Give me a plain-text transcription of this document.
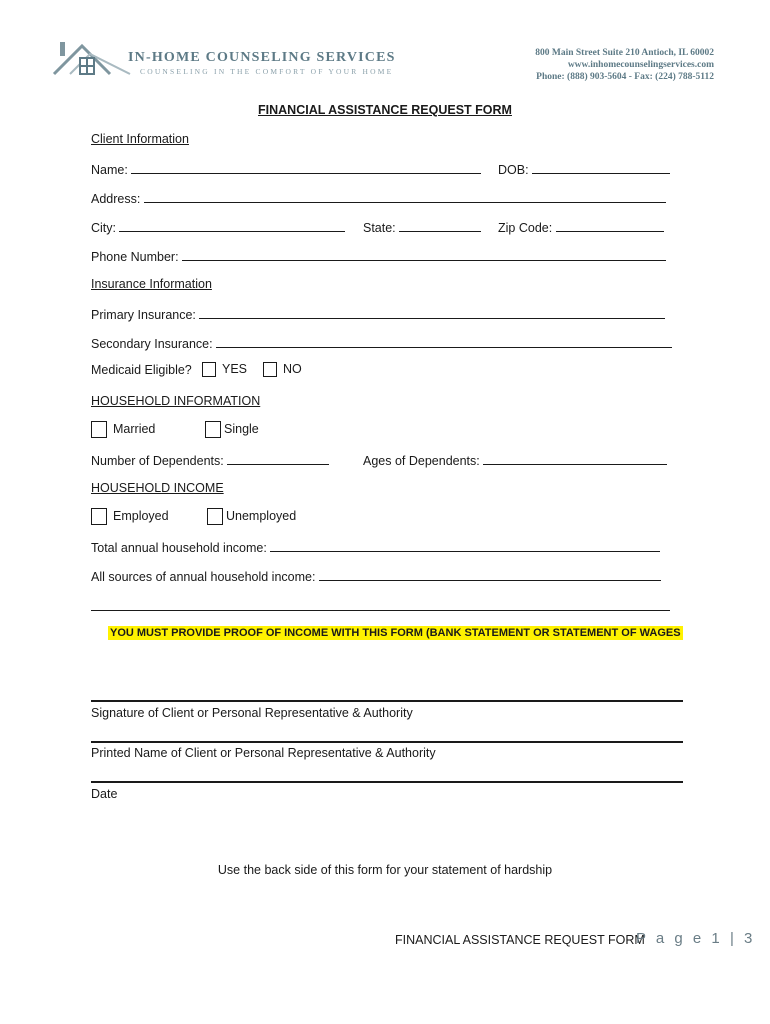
IN-HOME COUNSELING SERVICES
COUNSELING IN THE COMFORT OF YOUR HOME
800 Main Street Suite 210 Antioch, IL 60002
www.inhomecounselingservices.com
Phone: (888) 903-5604 - Fax: (224) 788-5112
FINANCIAL ASSISTANCE REQUEST FORM
Client Information
Name:	DOB:
Address:
City:	State:	Zip Code:
Phone Number:
Insurance Information
Primary Insurance:
Secondary Insurance:
Medicaid Eligible?	YES	NO
HOUSEHOLD INFORMATION
Married	Single
Number of Dependents:	Ages of Dependents:
HOUSEHOLD INCOME
Employed	Unemployed
Total annual household income:
All sources of annual household income:
YOU MUST PROVIDE PROOF OF INCOME WITH THIS FORM (BANK STATEMENT OR STATEMENT OF WAGES
Signature of Client or Personal Representative & Authority
Printed Name of Client or Personal Representative & Authority
Date
Use the back side of this form for your statement of hardship
FINANCIAL ASSISTANCE REQUEST FORM
P a g e 1 | 3
